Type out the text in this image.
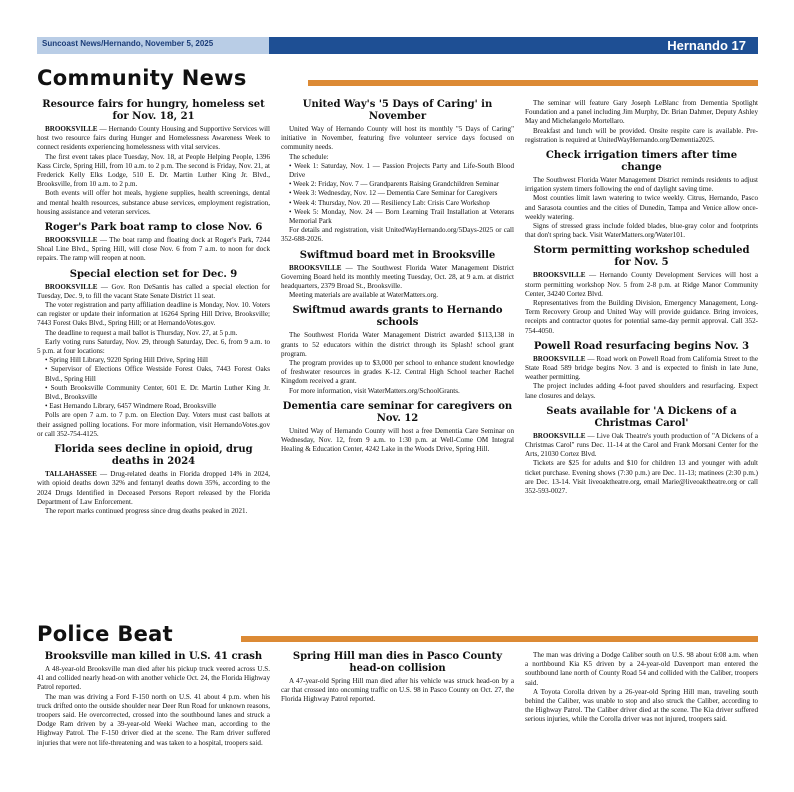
Suncoast News/Hernando, November 5, 2025	Hernando 17
Community News
Resource fairs for hungry, homeless set for Nov. 18, 21

BROOKSVILLE — Hernando County Housing and Supportive Services will host two resource fairs during Hunger and Homelessness Awareness Week to connect residents experiencing homelessness with vital services.

The first event takes place Tuesday, Nov. 18, at People Helping People, 1396 Kass Circle, Spring Hill, from 10 a.m. to 2 p.m. The second is Friday, Nov. 21, at Frederick Kelly Elks Lodge, 510 E. Dr. Martin Luther King Jr. Blvd., Brooksville, from 10 a.m. to 2 p.m.

Both events will offer hot meals, hygiene supplies, health screenings, dental and mental health resources, substance abuse services, employment registration, housing assistance and veteran services.

Roger's Park boat ramp to close Nov. 6

BROOKSVILLE — The boat ramp and floating dock at Roger's Park, 7244 Shoal Line Blvd., Spring Hill, will close Nov. 6 from 7 a.m. to noon for dock repairs. The ramp will reopen at noon.

Special election set for Dec. 9

BROOKSVILLE — Gov. Ron DeSantis has called a special election for Tuesday, Dec. 9, to fill the vacant State Senate District 11 seat.

The voter registration and party affiliation deadline is Monday, Nov. 10. Voters can register or update their information at 16264 Spring Hill Drive, Brooksville; 7443 Forest Oaks Blvd., Spring Hill; or at HernandoVotes.gov.

The deadline to request a mail ballot is Thursday, Nov. 27, at 5 p.m.

Early voting runs Saturday, Nov. 29, through Saturday, Dec. 6, from 9 a.m. to 5 p.m. at four locations:

• Spring Hill Library, 9220 Spring Hill Drive, Spring Hill

• Supervisor of Elections Office Westside Forest Oaks, 7443 Forest Oaks Blvd., Spring Hill

• South Brooksville Community Center, 601 E. Dr. Martin Luther King Jr. Blvd., Brooksville

• East Hernando Library, 6457 Windmere Road, Brooksville

Polls are open 7 a.m. to 7 p.m. on Election Day. Voters must cast ballots at their assigned polling locations. For more information, visit HernandoVotes.gov or call 352-754-4125.

Florida sees decline in opioid, drug deaths in 2024

TALLAHASSEE — Drug-related deaths in Florida dropped 14% in 2024, with opioid deaths down 32% and fentanyl deaths down 35%, according to the 2024 Drugs Identified in Deceased Persons Report released by the Florida Department of Law Enforcement.

The report marks continued progress since drug deaths peaked in 2021.

United Way's '5 Days of Caring' in November

United Way of Hernando County will host its monthly "5 Days of Caring" initiative in November, featuring five volunteer service days focused on community needs.

The schedule:

• Week 1: Saturday, Nov. 1 — Passion Projects Party and Life-South Blood Drive

• Week 2: Friday, Nov. 7 — Grandparents Raising Grandchildren Seminar

• Week 3: Wednesday, Nov. 12 — Dementia Care Seminar for Caregivers

• Week 4: Thursday, Nov. 20 — Resiliency Lab: Crisis Care Workshop

• Week 5: Monday, Nov. 24 — Born Learning Trail Installation at Veterans Memorial Park

For details and registration, visit UnitedWayHernando.org/5Days-2025 or call 352-688-2026.

Swiftmud board met in Brooksville

BROOKSVILLE — The Southwest Florida Water Management District Governing Board held its monthly meeting Tuesday, Oct. 28, at 9 a.m. at district headquarters, 2379 Broad St., Brooksville.

Meeting materials are available at WaterMatters.org.

Swiftmud awards grants to Hernando schools

The Southwest Florida Water Management District awarded $113,138 in grants to 52 educators within the district through its Splash! school grant program.

The program provides up to $3,000 per school to enhance student knowledge of freshwater resources in grades K-12. Central High School teacher Rachel Kingdom received a grant.

For more information, visit WaterMatters.org/SchoolGrants.

Dementia care seminar for caregivers on Nov. 12

United Way of Hernando County will host a free Dementia Care Seminar on Wednesday, Nov. 12, from 9 a.m. to 1:30 p.m. at Well-Come OM Integral Healing & Education Center, 4242 Lake in the Woods Drive, Spring Hill.

The seminar will feature Gary Joseph LeBlanc from Dementia Spotlight Foundation and a panel including Jim Murphy, Dr. Brian Dahmer, Deputy Ashley May and Michelangelo Mortellaro.

Breakfast and lunch will be provided. Onsite respite care is available. Pre-registration is required at UnitedWayHernando.org/Dementia2025.

Check irrigation timers after time change

The Southwest Florida Water Management District reminds residents to adjust irrigation system timers following the end of daylight saving time.

Most counties limit lawn watering to twice weekly. Citrus, Hernando, Pasco and Sarasota counties and the cities of Dunedin, Tampa and Venice allow once-weekly watering.

Signs of stressed grass include folded blades, blue-gray color and footprints that don't spring back. Visit WaterMatters.org/Water101.

Storm permitting workshop scheduled for Nov. 5

BROOKSVILLE — Hernando County Development Services will host a storm permitting workshop Nov. 5 from 2-8 p.m. at Ridge Manor Community Center, 34240 Cortez Blvd.

Representatives from the Building Division, Emergency Management, Long-Term Recovery Group and United Way will provide guidance. Bring invoices, receipts and contractor quotes for potential same-day permit approval. Call 352-754-4050.

Powell Road resurfacing begins Nov. 3

BROOKSVILLE — Road work on Powell Road from California Street to the State Road 589 bridge begins Nov. 3 and is expected to finish in late June, weather permitting.

The project includes adding 4-foot paved shoulders and resurfacing. Expect lane closures and delays.

Seats available for 'A Dickens of a Christmas Carol'

BROOKSVILLE — Live Oak Theatre's youth production of "A Dickens of a Christmas Carol" runs Dec. 11-14 at the Carol and Frank Morsani Center for the Arts, 21030 Cortez Blvd.

Tickets are $25 for adults and $10 for children 13 and younger with adult ticket purchase. Evening shows (7:30 p.m.) are Dec. 11-13; matinees (2:30 p.m.) are Dec. 13-14. Visit liveoaktheatre.org, email Marie@liveoaktheatre.org or call 352-593-0027.

Police Beat
Brooksville man killed in U.S. 41 crash

A 48-year-old Brooksville man died after his pickup truck veered across U.S. 41 and collided nearly head-on with another vehicle Oct. 24, the Florida Highway Patrol reported.

The man was driving a Ford F-150 north on U.S. 41 about 4 p.m. when his truck drifted onto the outside shoulder near Deer Run Road for unknown reasons, troopers said. He overcorrected, crossed into the southbound lanes and struck a Dodge Ram driven by a 39-year-old Weeki Wachee man, according to the Highway Patrol. The F-150 driver died at the scene. The Ram driver suffered injuries that were not life-threatening and was taken to a hospital, troopers said.

Spring Hill man dies in Pasco County head-on collision

A 47-year-old Spring Hill man died after his vehicle was struck head-on by a car that crossed into oncoming traffic on U.S. 98 in Pasco County on Oct. 27, the Florida Highway Patrol reported.

The man was driving a Dodge Caliber south on U.S. 98 about 6:08 a.m. when a northbound Kia K5 driven by a 24-year-old Davenport man entered the southbound lane north of County Road 54 and collided with the Caliber, troopers said.

A Toyota Corolla driven by a 26-year-old Spring Hill man, traveling south behind the Caliber, was unable to stop and also struck the Caliber, according to the Highway Patrol. The Caliber driver died at the scene. The Kia driver suffered serious injuries, while the Corolla driver was not injured, troopers said.
